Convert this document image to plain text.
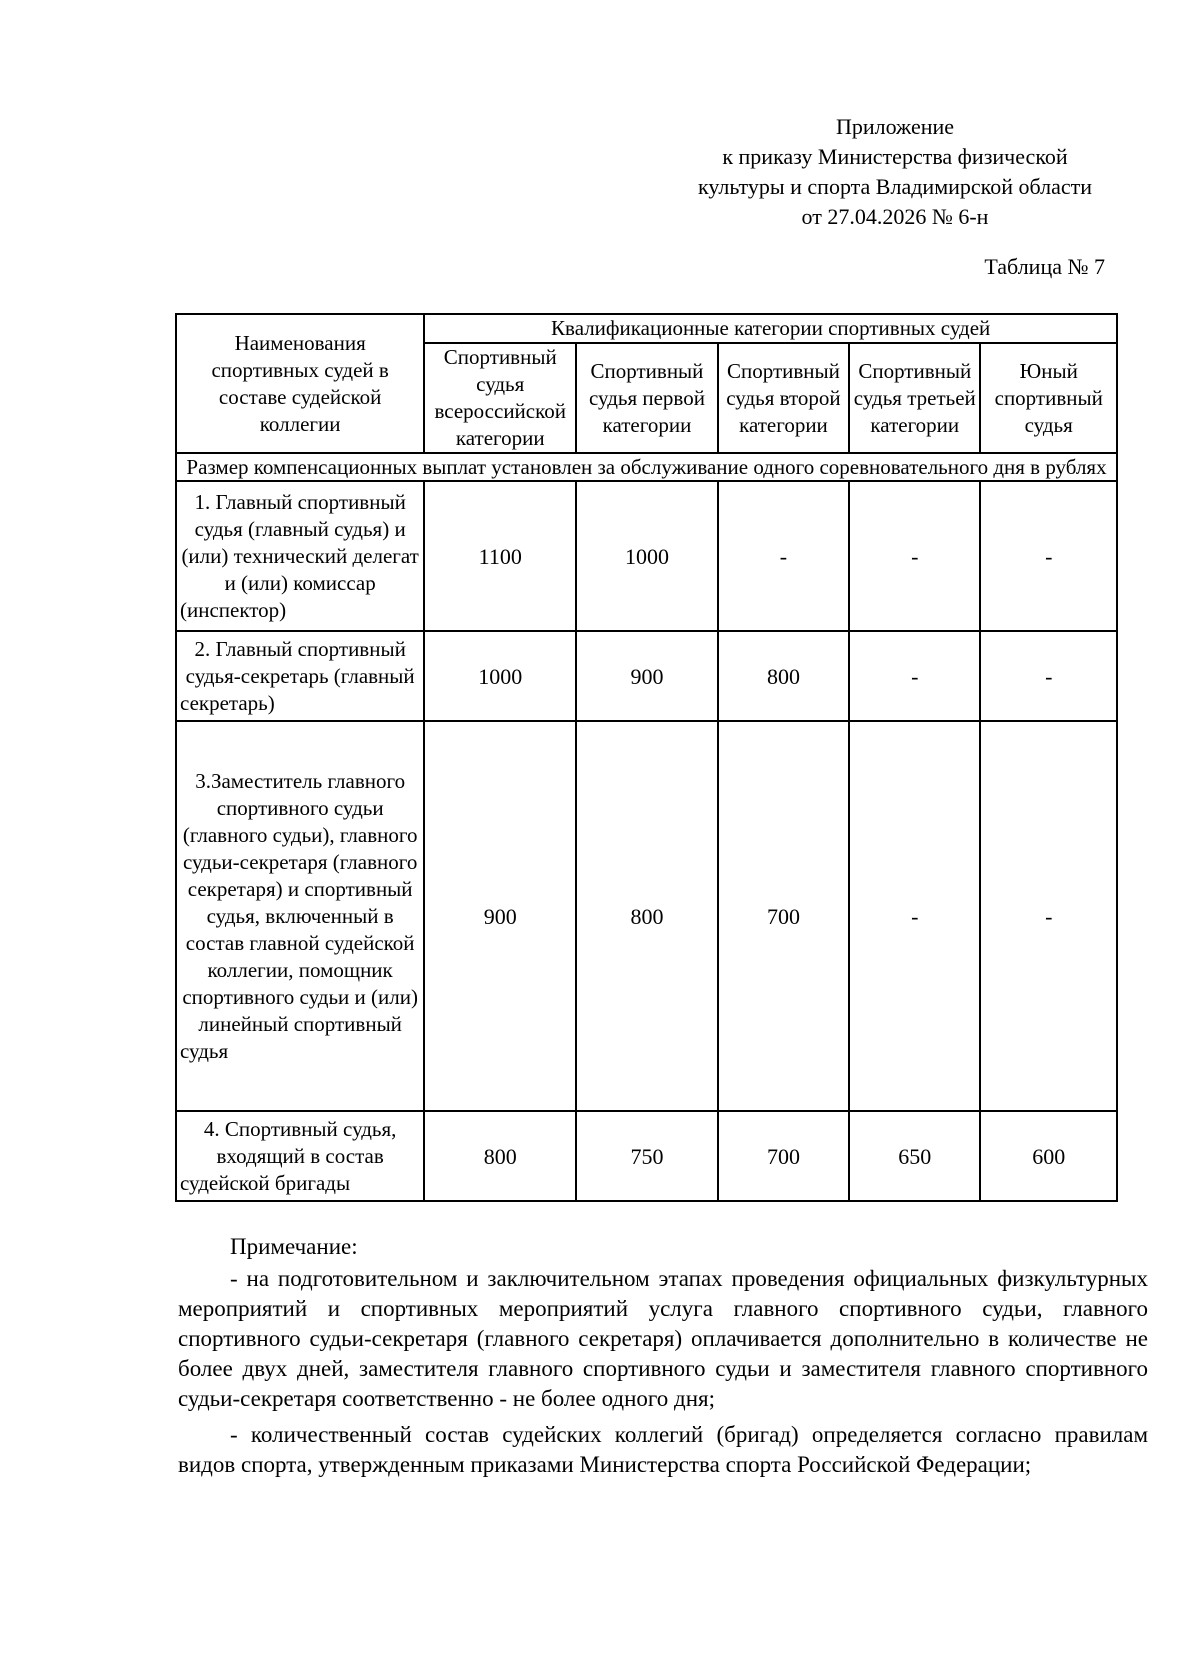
Приложение
к приказу Министерства физической
культуры и спорта Владимирской области
от 27.04.2026 № 6-н
Таблица № 7
Наименования спортивных судей в составе судейской коллегии	Квалификационные категории спортивных судей				
	Спортивный судья всероссийской категории	Спортивный судья первой категории	Спортивный судья второй категории	Спортивный судья третьей категории	Юный спортивный судья
Размер компенсационных выплат установлен за обслуживание одного соревновательного дня в рублях					
1. Главный спортивный судья (главный судья) и (или) технический делегат и (или) комиссар (инспектор)	1100	1000	-	-	-
2. Главный спортивный судья-секретарь (главный секретарь)	1000	900	800	-	-
3.Заместитель главного спортивного судьи (главного судьи), главного судьи-секретаря (главного секретаря) и спортивный судья, включенный в состав главной судейской коллегии, помощник спортивного судьи и (или) линейный спортивный судья	900	800	700	-	-
4. Спортивный судья, входящий в состав судейской бригады	800	750	700	650	600

Примечание:

- на подготовительном и заключительном этапах проведения официальных физкультурных мероприятий и спортивных мероприятий услуга главного спортивного судьи, главного спортивного судьи-секретаря (главного секретаря) оплачивается дополнительно в количестве не более двух дней, заместителя главного спортивного судьи и заместителя главного спортивного судьи-секретаря соответственно - не более одного дня;

- количественный состав судейских коллегий (бригад) определяется согласно правилам видов спорта, утвержденным приказами Министерства спорта Российской Федерации;
